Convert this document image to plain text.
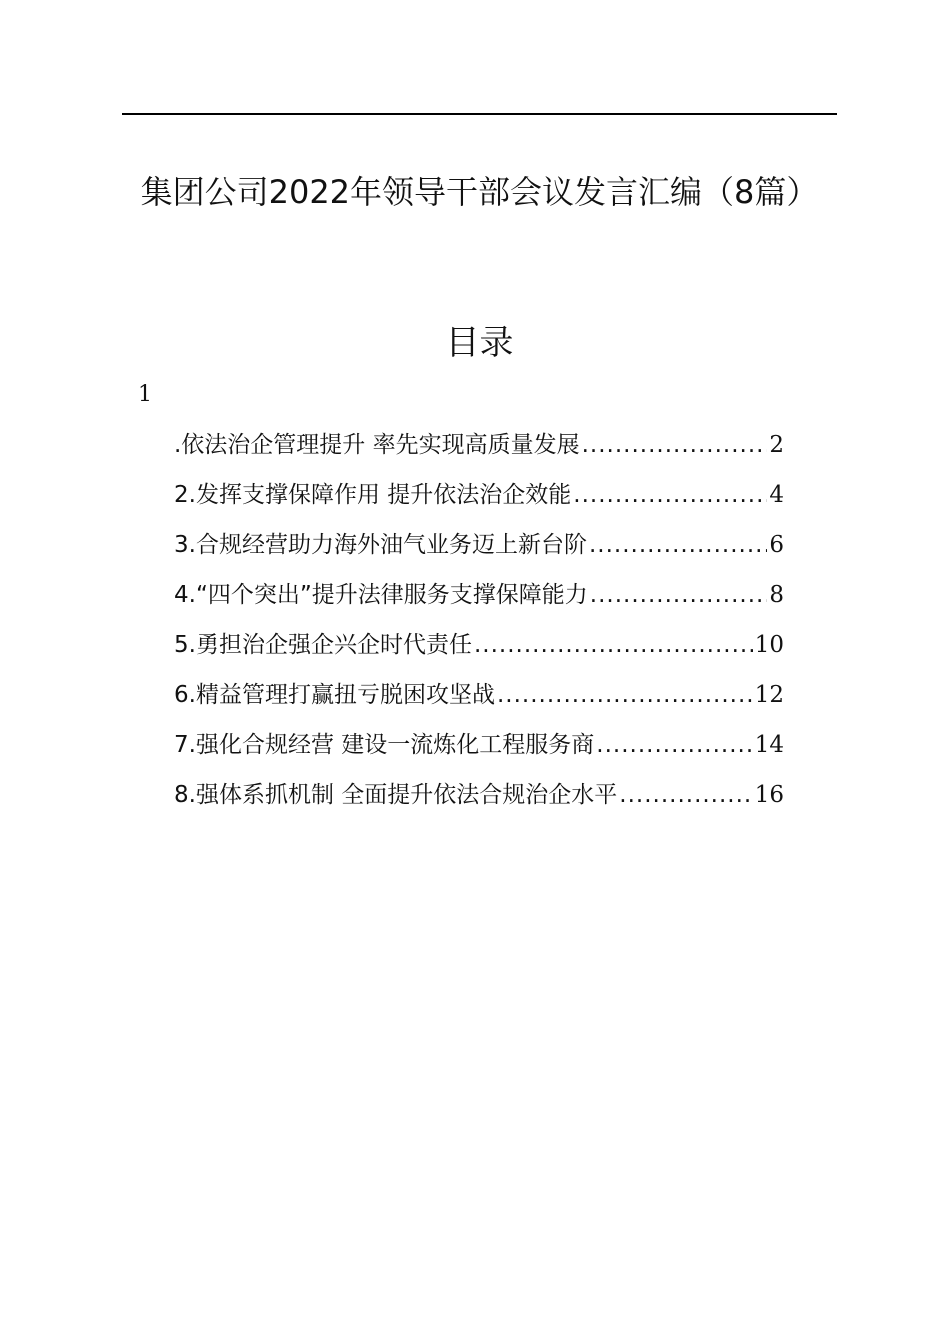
集团公司2022年领导干部会议发言汇编（8篇）
目录
1
.依法治企管理提升 率先实现高质量发展 .....	2
2.发挥支撑保障作用 提升依法治企效能 .....	4
3.合规经营助力海外油气业务迈上新台阶 .....	6
4.“四个突出”提升法律服务支撑保障能力 .....	8
5.勇担治企强企兴企时代责任 .....	10
6.精益管理打赢扭亏脱困攻坚战 .....	12
7.强化合规经营 建设一流炼化工程服务商 .....	14
8.强体系抓机制 全面提升依法合规治企水平 .....	16
